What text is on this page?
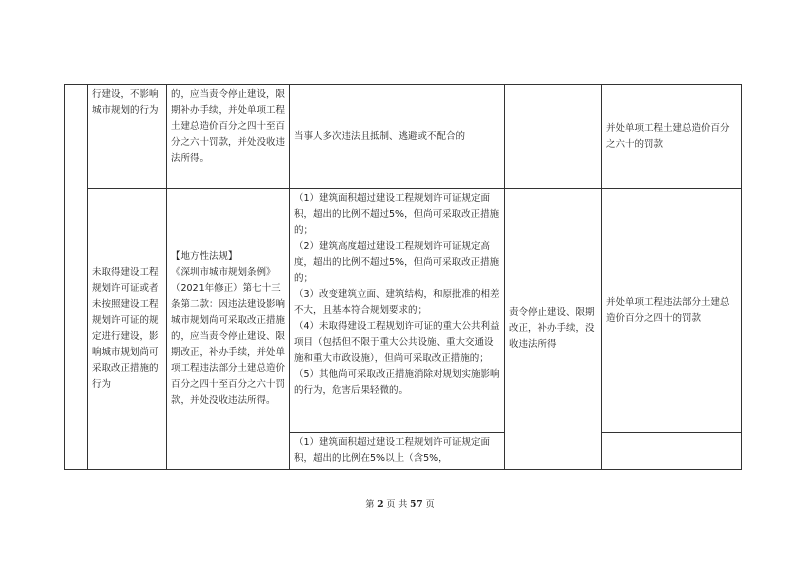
	行建设，不影响城市规划的行为	的，应当责令停止建设，限期补办手续，并处单项工程土建总造价百分之四十至百分之六十罚款，并处没收违法所得。	当事人多次违法且抵制、逃避或不配合的		并处单项工程土建总造价百分之六十的罚款
	未取得建设工程规划许可证或者未按照建设工程规划许可证的规定进行建设，影响城市规划尚可采取改正措施的行为	【地方性法规】
《深圳市城市规划条例》（2021年修正）第七十三条第二款：因违法建设影响城市规划尚可采取改正措施的，应当责令停止建设、限期改正，补办手续，并处单项工程违法部分土建总造价百分之四十至百分之六十罚款，并处没收违法所得。	（1）建筑面积超过建设工程规划许可证规定面积，超出的比例不超过5%，但尚可采取改正措施的；
（2）建筑高度超过建设工程规划许可证规定高度，超出的比例不超过5%，但尚可采取改正措施的；
（3）改变建筑立面、建筑结构，和原批准的相差不大，且基本符合规划要求的；
（4）未取得建设工程规划许可证的重大公共利益项目（包括但不限于重大公共设施、重大交通设施和重大市政设施），但尚可采取改正措施的；
（5）其他尚可采取改正措施消除对规划实施影响的行为，危害后果轻微的。	责令停止建设、限期改正，补办手续，没收违法所得	并处单项工程违法部分土建总造价百分之四十的罚款
			（1）建筑面积超过建设工程规划许可证规定面积，超出的比例在5%以上（含5%，		
第 2 页 共 57 页
